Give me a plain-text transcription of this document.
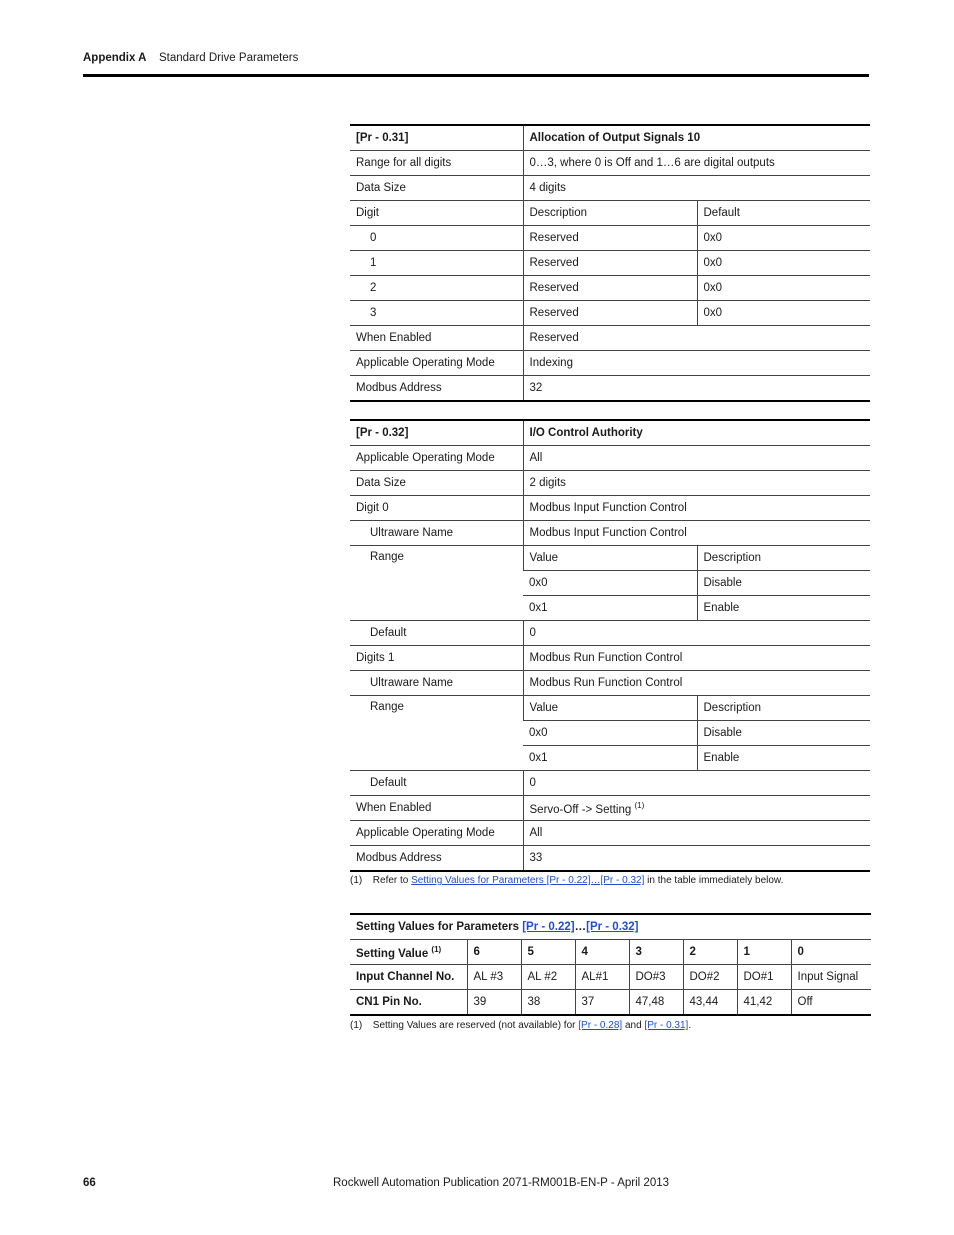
Appendix A Standard Drive Parameters
[Pr - 0.31]	Allocation of Output Signals 10	
Range for all digits	0…3, where 0 is Off and 1…6 are digital outputs	
Data Size	4 digits	
Digit	Description	Default
0	Reserved	0x0
1	Reserved	0x0
2	Reserved	0x0
3	Reserved	0x0
When Enabled	Reserved	
Applicable Operating Mode	Indexing	
Modbus Address	32	
[Pr - 0.32]	I/O Control Authority	
Applicable Operating Mode	All	
Data Size	2 digits	
Digit 0	Modbus Input Function Control	
Ultraware Name	Modbus Input Function Control	
Range	Value	Description
	0x0	Disable
	0x1	Enable
Default	0	
Digits 1	Modbus Run Function Control	
Ultraware Name	Modbus Run Function Control	
Range	Value	Description
	0x0	Disable
	0x1	Enable
Default	0	
When Enabled	Servo-Off -> Setting $^{(1)}$
Applicable Operating Mode	All	
Modbus Address	33	
(1) Refer to Setting Values for Parameters [Pr - 0.22]…[Pr - 0.32] in the table immediately below.
Setting Values for Parameters [Pr - 0.22]…[Pr - 0.32]							
Setting Value $^{(1)}$	6	5	4	3	2	1	0
Input Channel No.	AL #3	AL #2	AL#1	DO#3	DO#2	DO#1	Input Signal
CN1 Pin No.	39	38	37	47,48	43,44	41,42	Off
(1) Setting Values are reserved (not available) for [Pr - 0.28] and [Pr - 0.31].
66	Rockwell Automation Publication 2071-RM001B-EN-P - April 2013
